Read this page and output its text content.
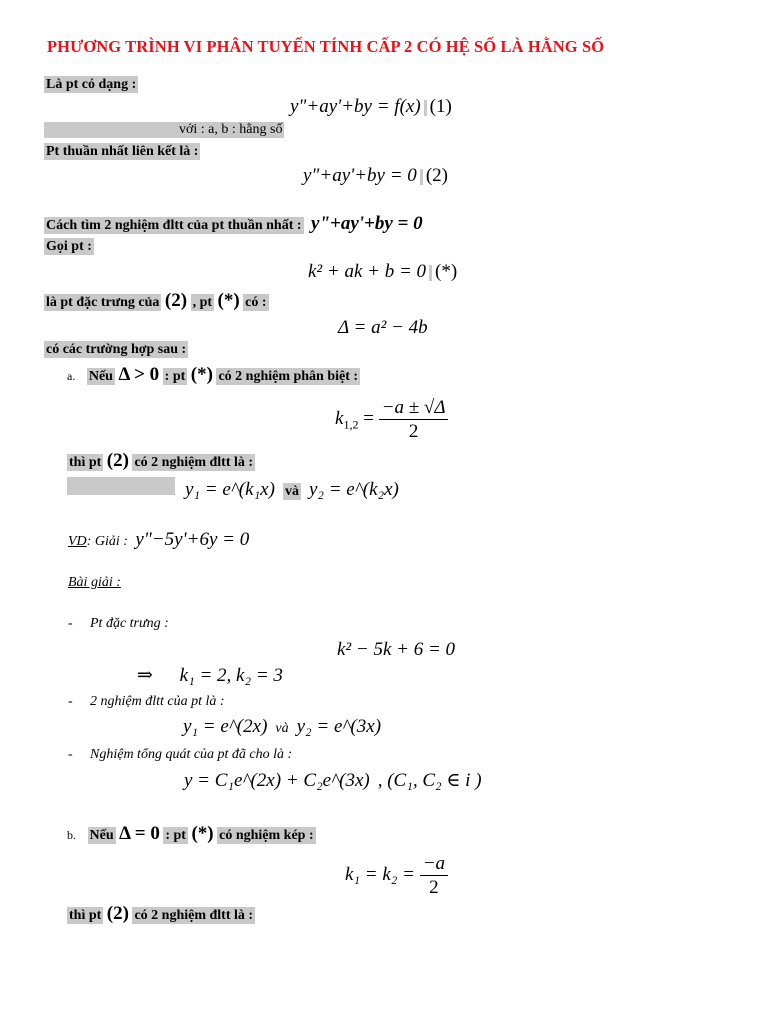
PHƯƠNG TRÌNH VI PHÂN TUYẾN TÍNH CẤP 2 CÓ HỆ SỐ LÀ HẰNG SỐ
Là pt có dạng :
y"+ay'+by = f(x) (1)
với : a, b : hằng số
Pt thuần nhất liên kết là :
y"+ay'+by = 0 (2)
Cách tìm 2 nghiệm đltt của pt thuần nhất : y"+ay'+by = 0
Gọi pt :
k² + ak + b = 0 (*)
là pt đặc trưng của (2) , pt (*) có :
Δ = a² − 4b
có các trường hợp sau :
a. Nếu Δ > 0 : pt (*) có 2 nghiệm phân biệt :
$k_{1,2} = \frac{-a \pm √\Delta}{2}$
thì pt (2) có 2 nghiệm đltt là :
y₁ = e^(k₁x) và y₂ = e^(k₂x)
VD: Giải : y"−5y'+6y = 0
Bài giải :
- Pt đặc trưng :
k² − 5k + 6 = 0
⇒ k₁ = 2, k₂ = 3
- 2 nghiệm đltt của pt là :
y₁ = e^(2x) và y₂ = e^(3x)
- Nghiệm tổng quát của pt đã cho là :
y = C₁e^(2x) + C₂e^(3x) , (C₁, C₂ ∈ i )
b. Nếu Δ = 0 : pt (*) có nghiệm kép :
$k_1 = k_2 = \frac{-a}{2}$
thì pt (2) có 2 nghiệm đltt là :
